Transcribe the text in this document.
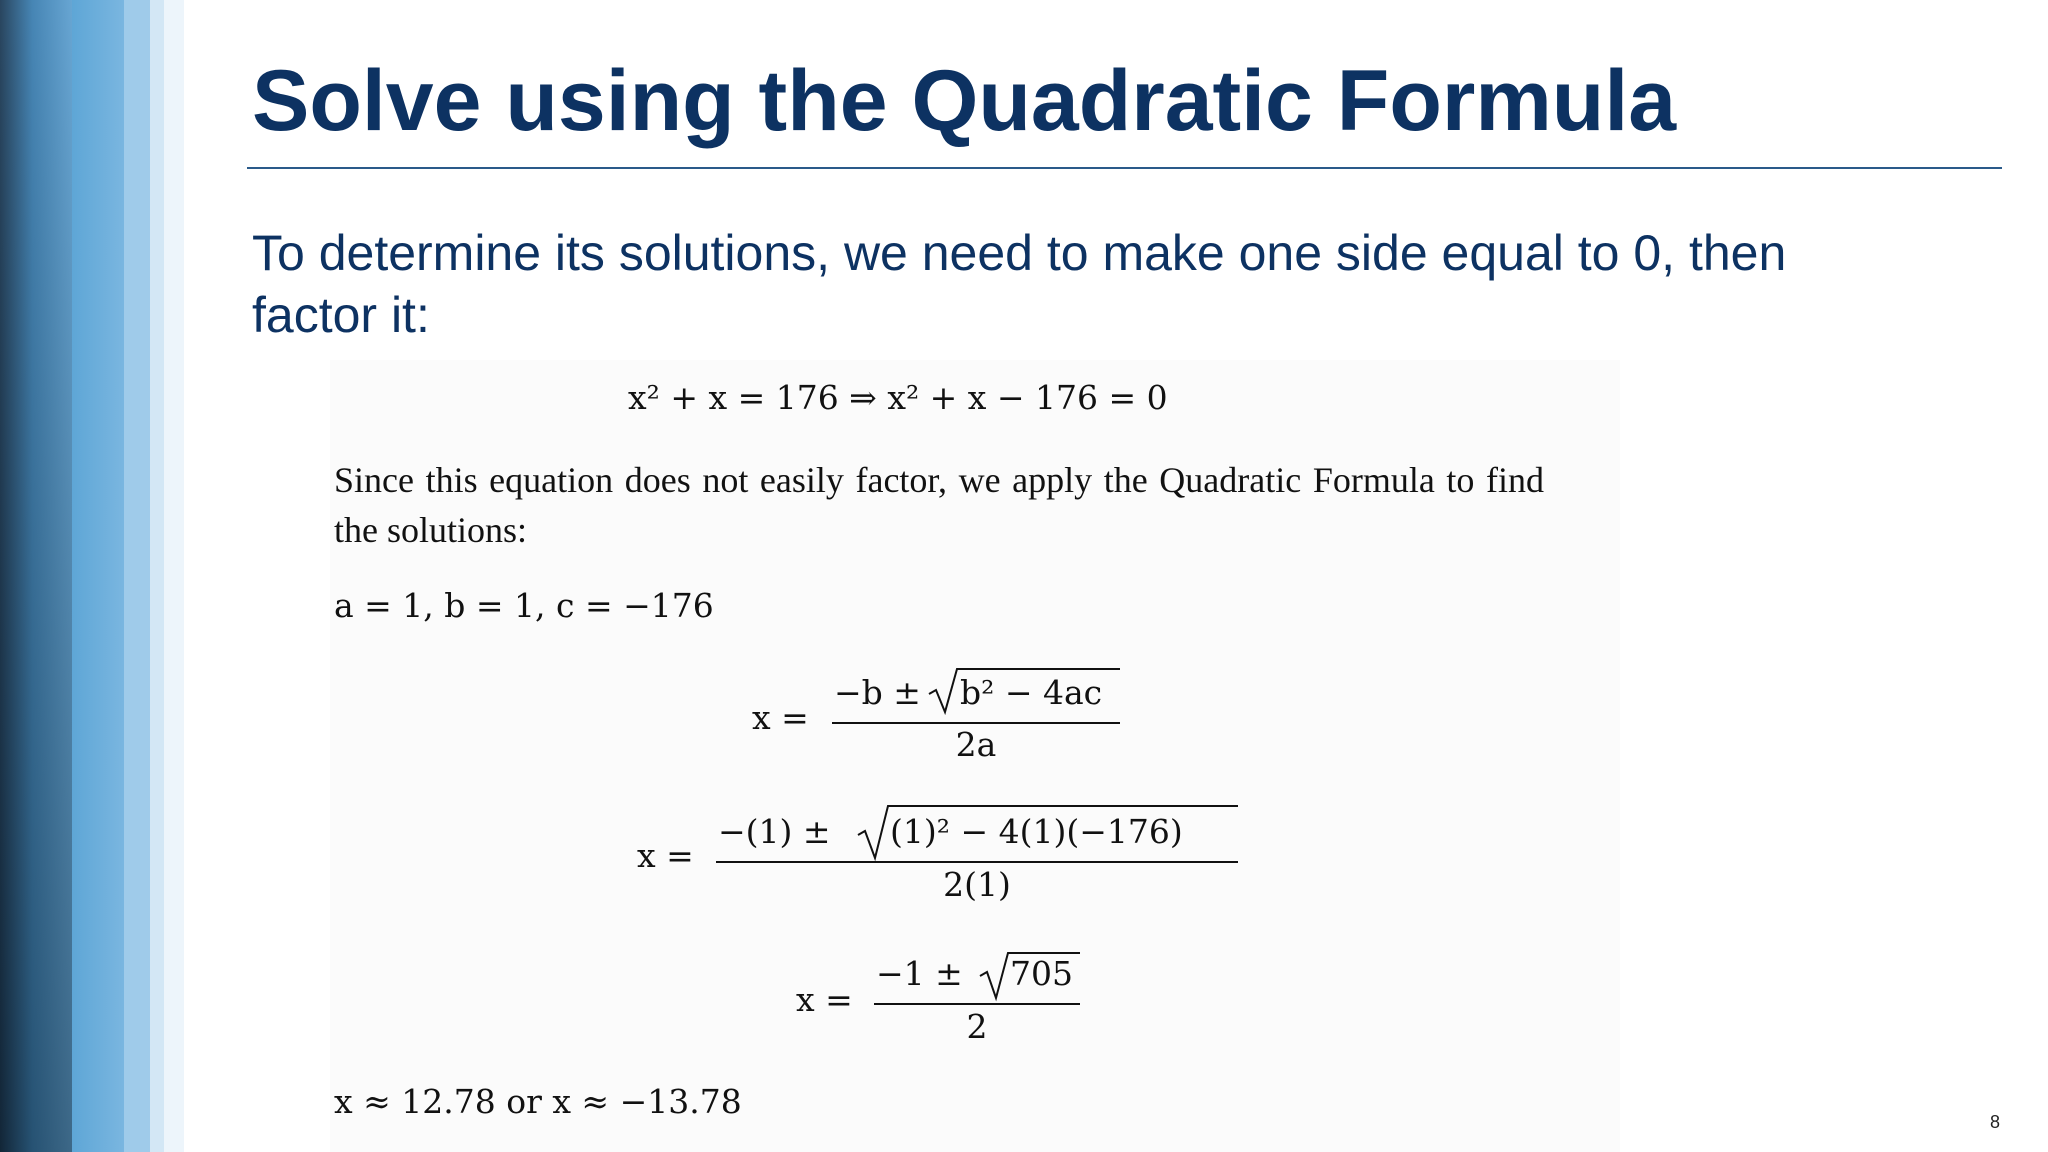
Solve using the Quadratic Formula

To determine its solutions, we need to make one side equal to 0, then factor it:

x² + x = 176 ⇒ x² + x − 176 = 0
Since this equation does not easily factor, we apply the Quadratic Formula to find the solutions:
a = 1, b = 1, c = −176
x =
−b ± b² − 4ac
2a
x =
−(1) ± (1)² − 4(1)(−176)
2(1)
x =
−1 ± 705
2
x ≈ 12.78 or x ≈ −13.78
8
